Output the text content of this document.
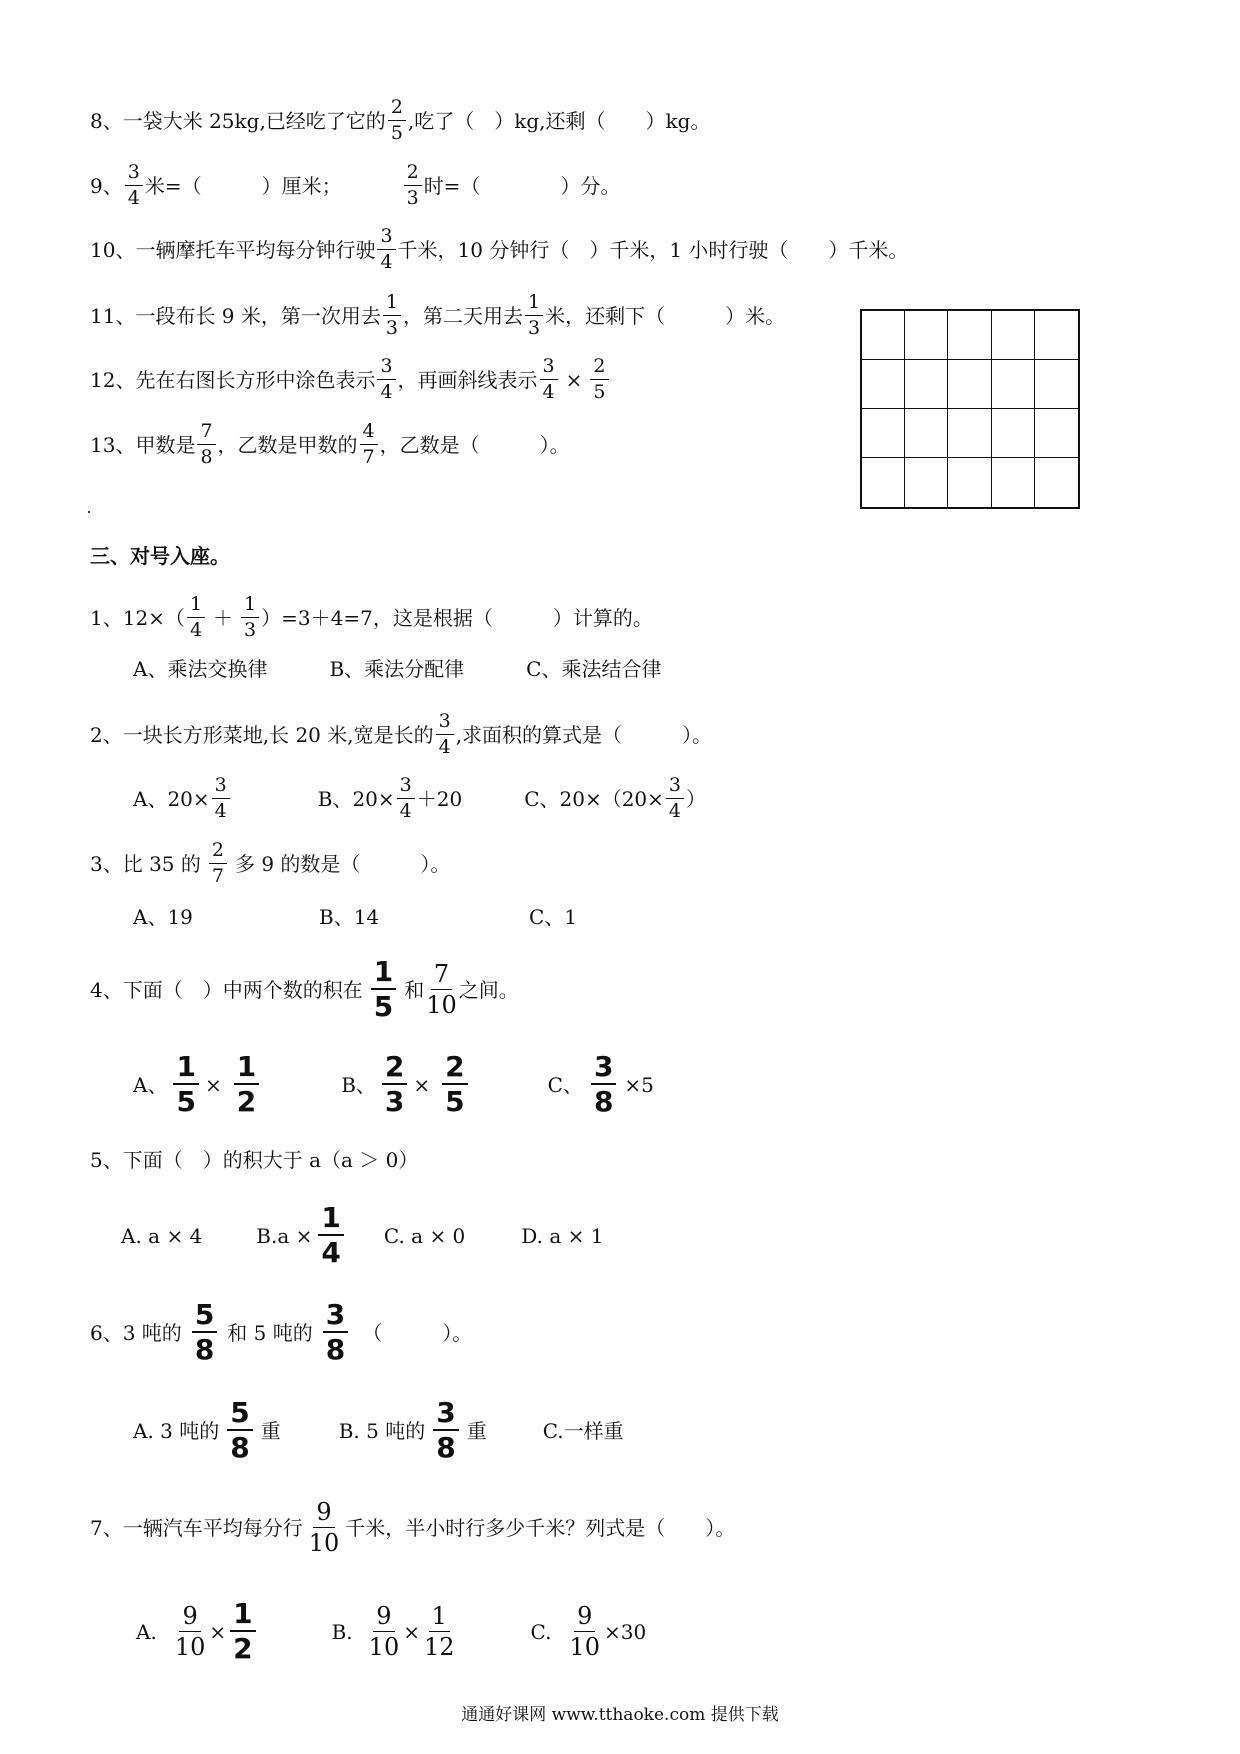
8、一袋大米 25kg,已经吃了它的 $\frac{2}{5}$ ,吃了（　）kg,还剩（　　）kg。
9、 $\frac{3}{4}$ 米=（　　　）厘米；	$\frac{2}{3}$ 时=（　　　　）分。
10、一辆摩托车平均每分钟行驶 $\frac{3}{4}$ 千米，10 分钟行（　）千米，1 小时行驶（　　）千米。
11、一段布长 9 米，第一次用去 $\frac{1}{3}$ ，第二天用去 $\frac{1}{3}$ 米，还剩下（　　　）米。
12、先在右图长方形中涂色表示 $\frac{3}{4}$ ，再画斜线表示 $\frac{3}{4} \times \frac{2}{5}$
13、甲数是 $\frac{7}{8}$ ，乙数是甲数的 $\frac{4}{7}$ ，乙数是（　　　）。
三、对号入座。
1、$12\times( \frac{1}{4} + \frac{1}{3} )=3+4=7$，这是根据（　　　）计算的。
A、乘法交换律	B、乘法分配律	C、乘法结合律
2、一块长方形菜地,长 20 米,宽是长的 $\frac{3}{4}$ ,求面积的算式是（　　　）。
A、$20\times \frac{3}{4}$	B、$20\times \frac{3}{4} +20$	C、$20\times(20\times \frac{3}{4}$ ）
3、比 35 的 $\frac{2}{7}$ 多 9 的数是（　　　）。
A、19	B、14	C、1
4、下面（　）中两个数的积在 $\frac{1}{5}$ 和 $\frac{7}{10}$ 之间。
A、 $\frac{1}{5} \times \frac{1}{2}$	B、 $\frac{2}{3} \times \frac{2}{5}$	C、 $\frac{3}{8} \times 5$
5、下面（　）的积大于 a（a ＞ 0）
A. a × 4	$B.a \times \frac{1}{4} C$. a × 0	D. a × 1
6、3 吨的 $\frac{5}{8}$ 和 5 吨的 $\frac{3}{8}$ （　　　）。
A. 3 吨的 $\frac{5}{8}$ 重	B. 5 吨的 $\frac{3}{8}$ 重	C.一样重
7、一辆汽车平均每分行 $\frac{9}{10}$ 千米，半小时行多少千米？列式是（　　）。
A. $\frac{9}{10} \times \frac{1}{2}$	B. $\frac{9}{10} \times \frac{1}{12}$	C. $\frac{9}{10} \times 30$
通通好课网 www.tthaoke.com 提供下载
